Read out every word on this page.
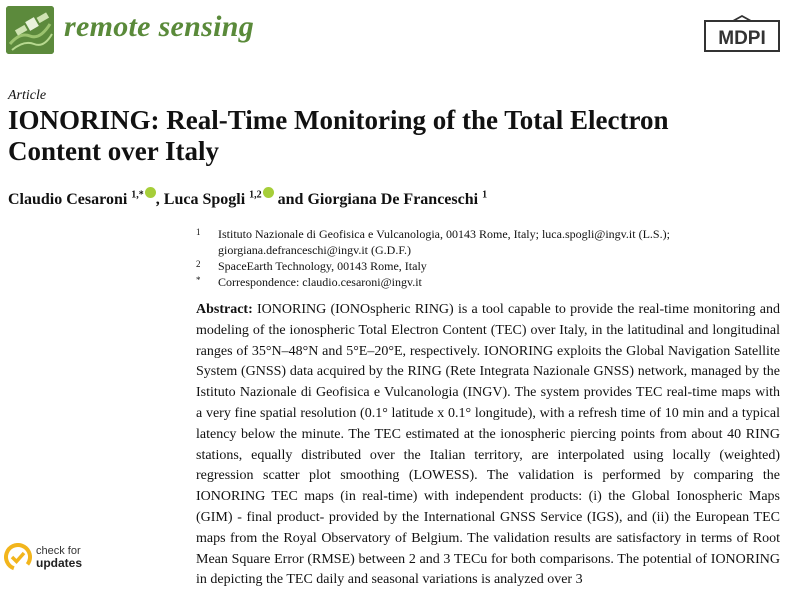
remote sensing	MDPI
Article
IONORING: Real-Time Monitoring of the Total Electron Content over Italy
Claudio Cesaroni $^{1,*}$ , Luca Spogli $^{1,2}$ and Giorgiana De Franceschi $^1$
1 Istituto Nazionale di Geofisica e Vulcanologia, 00143 Rome, Italy; luca.spogli@ingv.it (L.S.); giorgiana.defranceschi@ingv.it (G.D.F.)
2 SpaceEarth Technology, 00143 Rome, Italy
* Correspondence: claudio.cesaroni@ingv.it

Abstract: IONORING (IONOspheric RING) is a tool capable to provide the real-time monitoring and modeling of the ionospheric Total Electron Content (TEC) over Italy, in the latitudinal and longitudinal ranges of 35°N–48°N and 5°E–20°E, respectively. IONORING exploits the Global Navigation Satellite System (GNSS) data acquired by the RING (Rete Integrata Nazionale GNSS) network, managed by the Istituto Nazionale di Geofisica e Vulcanologia (INGV). The system provides TEC real-time maps with a very fine spatial resolution (0.1° latitude x 0.1° longitude), with a refresh time of 10 min and a typical latency below the minute. The TEC estimated at the ionospheric piercing points from about 40 RING stations, equally distributed over the Italian territory, are interpolated using locally (weighted) regression scatter plot smoothing (LOWESS). The validation is performed by comparing the IONORING TEC maps (in real-time) with independent products: (i) the Global Ionospheric Maps (GIM) - final product- provided by the International GNSS Service (IGS), and (ii) the European TEC maps from the Royal Observatory of Belgium. The validation results are satisfactory in terms of Root Mean Square Error (RMSE) between 2 and 3 TECu for both comparisons. The potential of IONORING in depicting the TEC daily and seasonal variations is analyzed over 3

check for
updates
